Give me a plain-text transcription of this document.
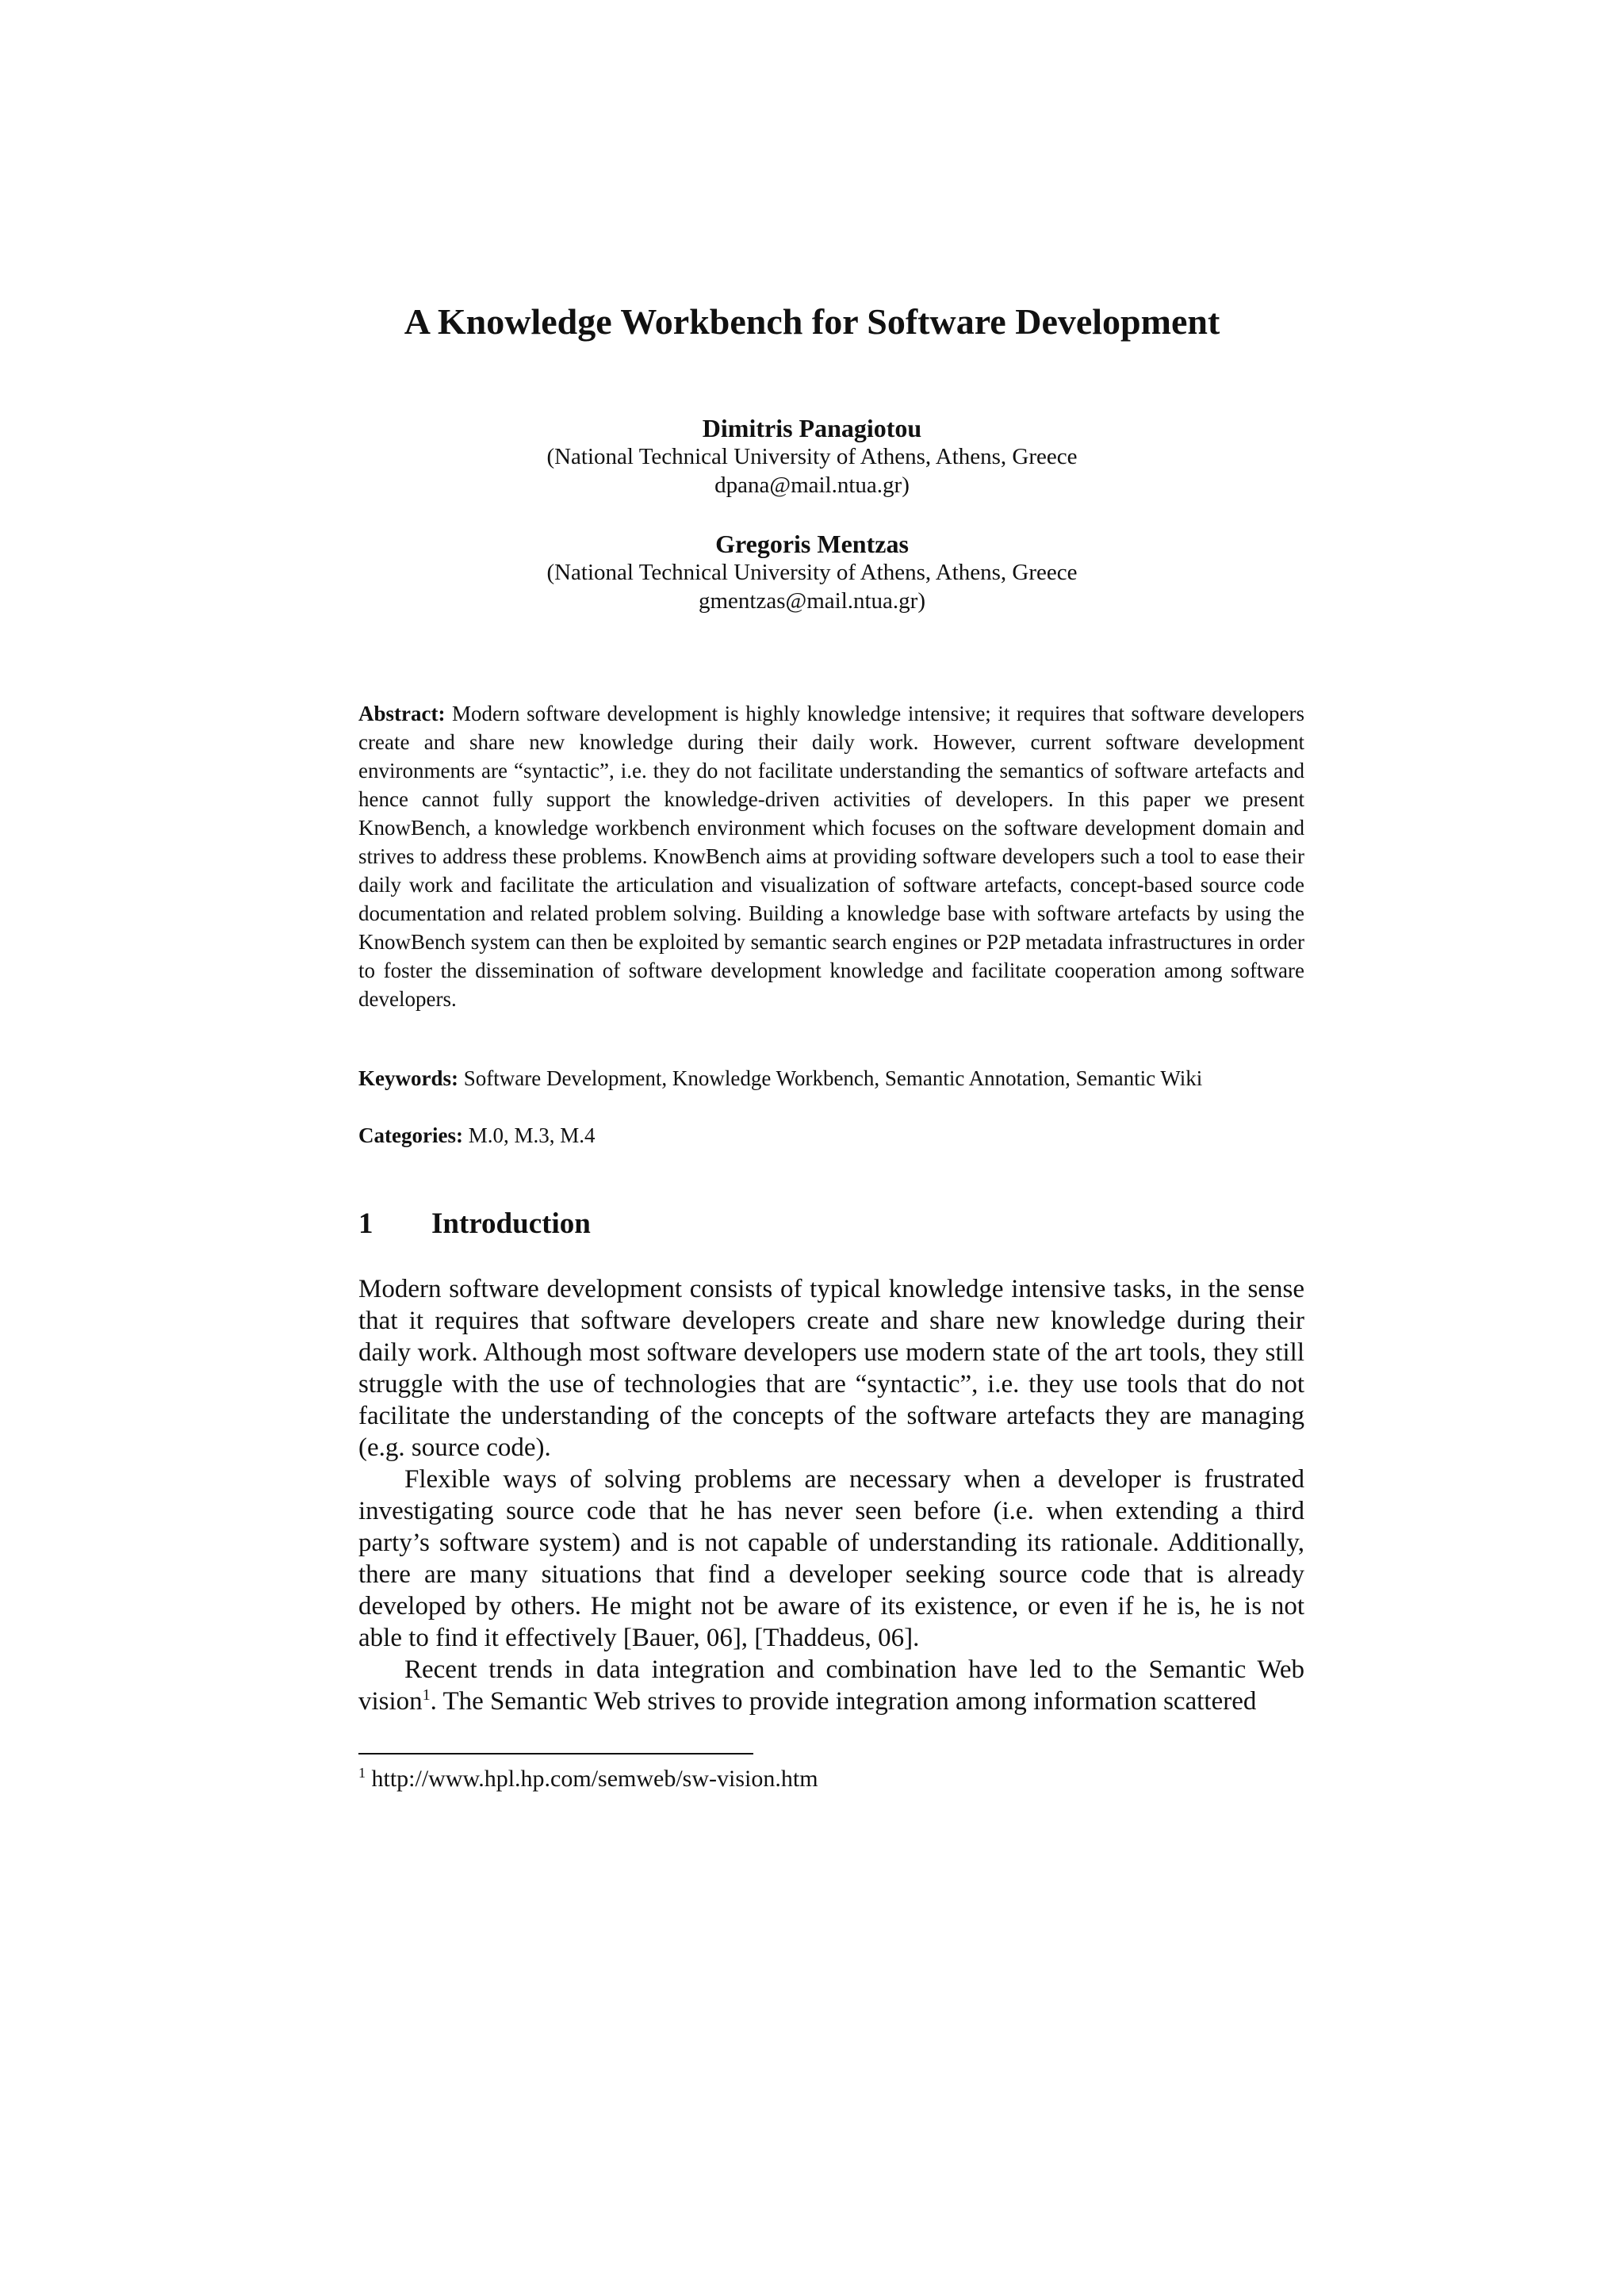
A Knowledge Workbench for Software Development
Dimitris Panagiotou
(National Technical University of Athens, Athens, Greece
dpana@mail.ntua.gr)
Gregoris Mentzas
(National Technical University of Athens, Athens, Greece
gmentzas@mail.ntua.gr)

Abstract: Modern software development is highly knowledge intensive; it requires that software developers create and share new knowledge during their daily work. However, current software development environments are “syntactic”, i.e. they do not facilitate understanding the semantics of software artefacts and hence cannot fully support the knowledge-driven activities of developers. In this paper we present KnowBench, a knowledge workbench environment which focuses on the software development domain and strives to address these problems. KnowBench aims at providing software developers such a tool to ease their daily work and facilitate the articulation and visualization of software artefacts, concept-based source code documentation and related problem solving. Building a knowledge base with software artefacts by using the KnowBench system can then be exploited by semantic search engines or P2P metadata infrastructures in order to foster the dissemination of software development knowledge and facilitate cooperation among software developers.

Keywords: Software Development, Knowledge Workbench, Semantic Annotation, Semantic Wiki
Categories: M.0, M.3, M.4
1 Introduction

Modern software development consists of typical knowledge intensive tasks, in the sense that it requires that software developers create and share new knowledge during their daily work. Although most software developers use modern state of the art tools, they still struggle with the use of technologies that are “syntactic”, i.e. they use tools that do not facilitate the understanding of the concepts of the software artefacts they are managing (e.g. source code).

Flexible ways of solving problems are necessary when a developer is frustrated investigating source code that he has never seen before (i.e. when extending a third party’s software system) and is not capable of understanding its rationale. Additionally, there are many situations that find a developer seeking source code that is already developed by others. He might not be aware of its existence, or even if he is, he is not able to find it effectively [Bauer, 06], [Thaddeus, 06].

Recent trends in data integration and combination have led to the Semantic Web vision$^1$. The Semantic Web strives to provide integration among information scattered

$^1$ http://www.hpl.hp.com/semweb/sw-vision.htm
